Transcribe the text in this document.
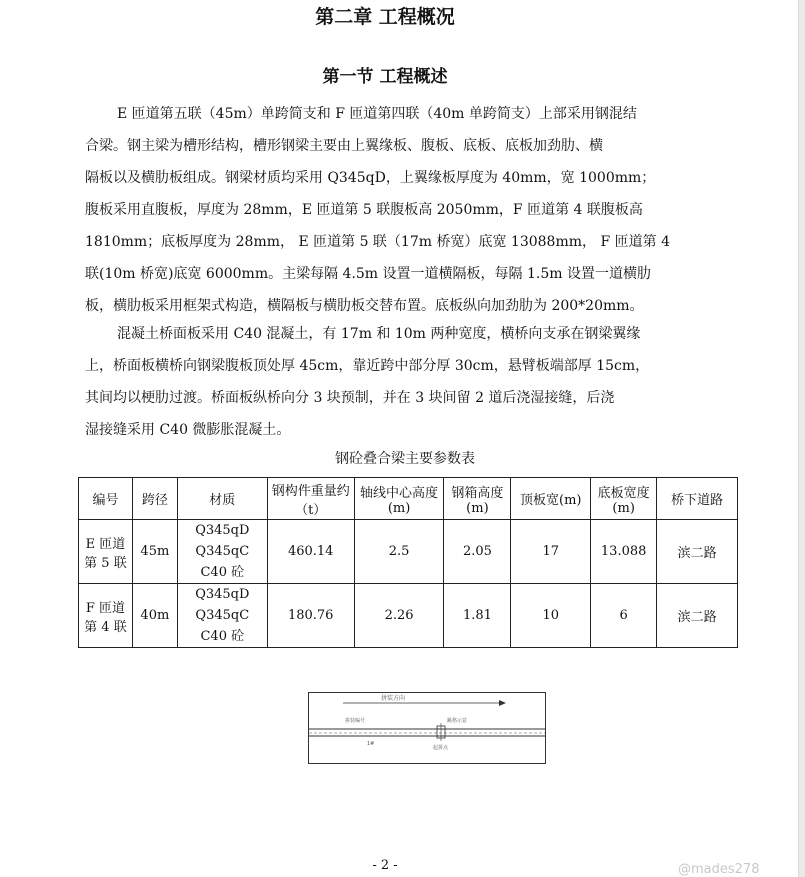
第二章 工程概况
第一节 工程概述
E 匝道第五联（45m）单跨简支和 F 匝道第四联（40m 单跨简支）上部采用钢混结
合梁。钢主梁为槽形结构，槽形钢梁主要由上翼缘板、腹板、底板、底板加劲肋、横
隔板以及横肋板组成。钢梁材质均采用 Q345qD，上翼缘板厚度为 40mm，宽 1000mm；
腹板采用直腹板，厚度为 28mm，E 匝道第 5 联腹板高 2050mm，F 匝道第 4 联腹板高
1810mm；底板厚度为 28mm， E 匝道第 5 联（17m 桥宽）底宽 13088mm， F 匝道第 4
联(10m 桥宽)底宽 6000mm。主梁每隔 4.5m 设置一道横隔板，每隔 1.5m 设置一道横肋
板，横肋板采用框架式构造，横隔板与横肋板交替布置。底板纵向加劲肋为 200*20mm。
混凝土桥面板采用 C40 混凝土，有 17m 和 10m 两种宽度，横桥向支承在钢梁翼缘
上，桥面板横桥向钢梁腹板顶处厚 45cm，靠近跨中部分厚 30cm，悬臂板端部厚 15cm，
其间均以梗肋过渡。桥面板纵桥向分 3 块预制，并在 3 块间留 2 道后浇湿接缝，后浇
湿接缝采用 C40 微膨胀混凝土。
钢砼叠合梁主要参数表
编号	跨径	材质	钢构件重量约（t）	轴线中心高度(m)	钢箱高度(m)	顶板宽(m)	底板宽度(m)	桥下道路
E 匝道第 5 联	45m	Q345qD
Q345qC
C40 砼	460.14	2.5	2.05	17	13.088	滨二路
F 匝道第 4 联	40m	Q345qD
Q345qC
C40 砼	180.76	2.26	1.81	10	6	滨二路
拼装方向
拼装编号	跳格示意
1#
起拼点
- 2 -	@mades278
